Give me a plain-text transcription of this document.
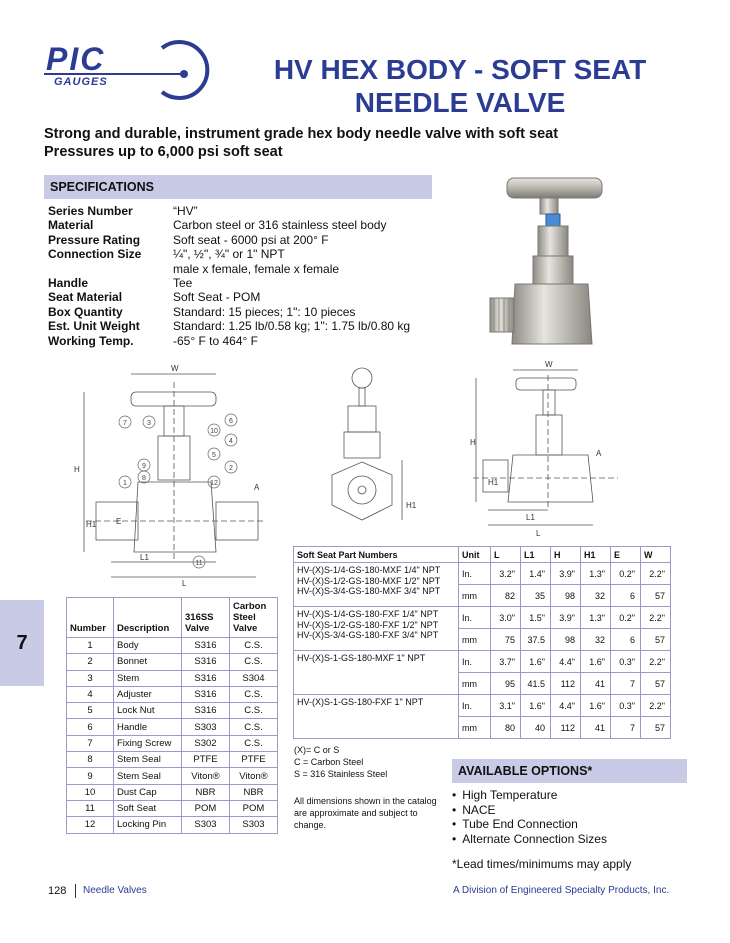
PIC
GAUGES	HV HEX BODY - SOFT SEAT
NEEDLE VALVE
Strong and durable, instrument grade hex body needle valve with soft seat
Pressures up to 6,000 psi soft seat
SPECIFICATIONS
Series Number	“HV”
Material	Carbon steel or 316 stainless steel body
Pressure Rating	Soft seat - 6000 psi at 200° F
Connection Size	¼", ½", ¾" or 1" NPT
male x female, female x female
Handle	Tee
Seat Material	Soft Seat - POM
Box Quantity	Standard: 15 pieces; 1": 10 pieces
Est. Unit Weight	Standard: 1.25 lb/0.58 kg; 1": 1.75 lb/0.80 kg
Working Temp.	-65° F to 464° F
W
H
H1
L1
L
A
E
7	3	6
10
4
5
2
9
8
12
1
11
H1
W
H
H1
L1
L
A
Number	Description	316SS Valve	Carbon Steel Valve
1	Body	S316	C.S.
2	Bonnet	S316	C.S.
3	Stem	S316	S304
4	Adjuster	S316	C.S.
5	Lock Nut	S316	C.S.
6	Handle	S303	C.S.
7	Fixing Screw	S302	C.S.
8	Stem Seal	PTFE	PTFE
9	Stem Seal	Viton®	Viton®
10	Dust Cap	NBR	NBR
11	Soft Seat	POM	POM
12	Locking Pin	S303	S303
Soft Seat Part Numbers	Unit	L	L1	H	H1	E	W

HV-(X)S-1/4-GS-180-MXF 1/4" NPT
HV-(X)S-1/2-GS-180-MXF 1/2" NPT
HV-(X)S-3/4-GS-180-MXF 3/4" NPT	In.	3.2"	1.4"	3.9"	1.3"	0.2"	2.2"
	mm	82	35	98	32	6	57

HV-(X)S-1/4-GS-180-FXF 1/4" NPT
HV-(X)S-1/2-GS-180-FXF 1/2" NPT
HV-(X)S-3/4-GS-180-FXF 3/4" NPT	In.	3.0"	1.5"	3.9"	1.3"	0.2"	2.2"
	mm	75	37.5	98	32	6	57

HV-(X)S-1-GS-180-MXF 1" NPT	In.	3.7"	1.6"	4.4"	1.6"	0.3"	2.2"
	mm	95	41.5	112	41	7	57

HV-(X)S-1-GS-180-FXF 1" NPT	In.	3.1"	1.6"	4.4"	1.6"	0.3"	2.2"
	mm	80	40	112	41	7	57
(X)= C or S
C = Carbon Steel
S = 316 Stainless Steel
All dimensions shown in the catalog
are approximate and subject to
change.
AVAILABLE OPTIONS*
• High Temperature
• NACE
• Tube End Connection
• Alternate Connection Sizes
*Lead times/minimums may apply
7
128 Needle Valves	A Division of Engineered Specialty Products, Inc.
